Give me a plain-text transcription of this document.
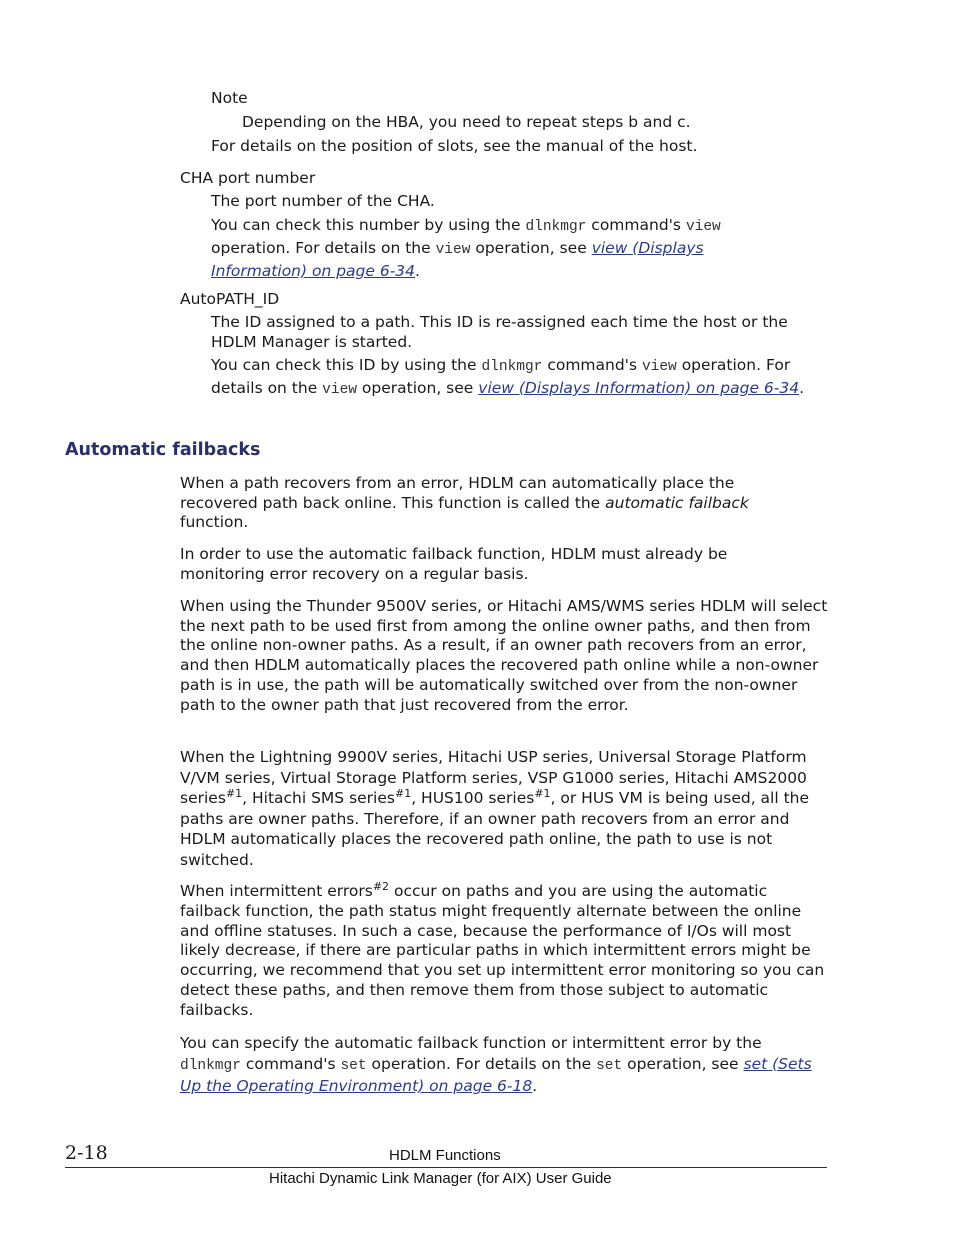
Note

Depending on the HBA, you need to repeat steps b and c.

For details on the position of slots, see the manual of the host.

CHA port number

The port number of the CHA.

You can check this number by using the dlnkmgr command's view operation. For details on the view operation, see view (Displays Information) on page 6-34.

AutoPATH_ID

The ID assigned to a path. This ID is re-assigned each time the host or the HDLM Manager is started.

You can check this ID by using the dlnkmgr command's view operation. For details on the view operation, see view (Displays Information) on page 6-34.

Automatic failbacks

When a path recovers from an error, HDLM can automatically place the recovered path back online. This function is called the automatic failback function.

In order to use the automatic failback function, HDLM must already be monitoring error recovery on a regular basis.

When using the Thunder 9500V series, or Hitachi AMS/WMS series HDLM will select the next path to be used first from among the online owner paths, and then from the online non-owner paths. As a result, if an owner path recovers from an error, and then HDLM automatically places the recovered path online while a non-owner path is in use, the path will be automatically switched over from the non-owner path to the owner path that just recovered from the error.

When the Lightning 9900V series, Hitachi USP series, Universal Storage Platform V/VM series, Virtual Storage Platform series, VSP G1000 series, Hitachi AMS2000 series$^{\#1}$, Hitachi SMS series$^{\#1}$, HUS100 series$^{\#1}$, or HUS VM is being used, all the paths are owner paths. Therefore, if an owner path recovers from an error and HDLM automatically places the recovered path online, the path to use is not switched.

When intermittent errors$^{\#2}$ occur on paths and you are using the automatic failback function, the path status might frequently alternate between the online and offline statuses. In such a case, because the performance of I/Os will most likely decrease, if there are particular paths in which intermittent errors might be occurring, we recommend that you set up intermittent error monitoring so you can detect these paths, and then remove them from those subject to automatic failbacks.

You can specify the automatic failback function or intermittent error by the dlnkmgr command's set operation. For details on the set operation, see set (Sets Up the Operating Environment) on page 6-18.

2-18	HDLM Functions

Hitachi Dynamic Link Manager (for AIX) User Guide
